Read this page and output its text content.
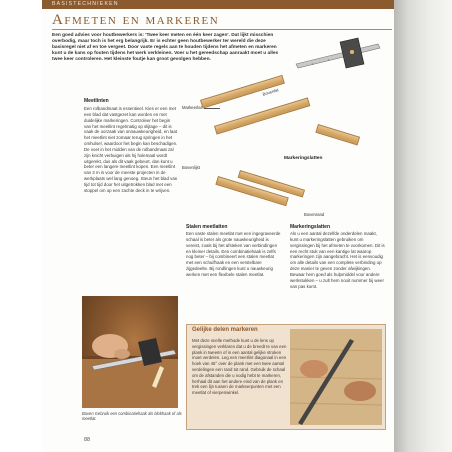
BASISTECHNIEKEN
Afmeten en markeren
Een goed advies voor houtbewerkers is: 'Twee keer meten en één keer zagen'. Dat lijkt misschien overbodig, maar toch is het erg belangrijk. Er is echter geen houtbewerker ter wereld die deze basisregel niet af en toe vergeet. Door vaste regels aan te houden tijdens het afmeten en markeren kunt u de kans op fouten tijdens het werk verkleinen. Voer u het gereedschap aanraakt moet u alles twee keer controleren. Het kleinste foutje kan groot gevolgen hebben.
Meetlinten
Een rolbandmaat is essentieel. Kies er een met een blad dat vastgezet kan worden en met duidelijke markeringen. Controleer het begin van het meetlint regelmatig op slijtage – dit is vaak de oorzaak van onnauwkeurigheid, en laat het meetlint niet zomaar terug springen in het omhulsel, waardoor het begin kan beschadigen. De voet in het midden van de rolbandmaat zal zijn knicht verbuigen als hij holemaal wordt uitgerekt, dus als dit vaak gebeurt, dan kunt u beter een langere meetlint kopen. Een meetlint van 3 m is voor de meeste projecten in de werkplaats wel lang genoeg. Steun het blad van tijd tot tijd door het uitgetrokken blad met een stoppel om op een zachte deck in te wrijven.
Markeerlat
Bovenlat
Markeringslatten
Bovenlijst
Bovenrand
Stalen meetlatten
Een vaste stalen meetlat met een ingegraveerde schaal is beter als grote nauwkeurigheid is vereist, zoals bij het afsteken van verbindingen en kleiner details. Een combinatiehaak is zelfs nog beter – bij combineert een stalen meetlat met een schuifhaak en een verstelbare zijgedeelte. Bij rondlingen kunt u nauwkeurig werken met een flexibele stalen meetlat.
Markeringslatten
Als u een aantal dezelfde onderdelen maakt, kunt u markeringslatten gebruiken om vergissingen bij het afmeten te voorkomen. Dit is een recht stuk van een kantige lat waarop markeringen zijn aangebracht. Het is eenvoudig om alle details van een complete verbinding op deze manier te geven zonder afwijkingen. Bewaar hem goed als hulpmiddel voor andere werkstukken – u zult hem nooit nummer bij weer van pas komt.
Boven Gebruik een combinatiehaak als blokhaak of als meetlat.
Gelijke delen markeren
Met deze snelle methode kunt u de lens op vergissingen verklaren dat u de breedt te van een plank in tweeën of in een aantal gelijke stroken moet verdelen. Leg een meetlint diagonaal in een hoek van 45° over de plank met een twee aantal verdelingen een rand tot rand. Gebruik de schaal om de afstanden die u nodig hebt te markeren, herhaal dit aan het andere eind van de plank en trek een lijn tussen de markeerpunten met een meetlat of vierpenwinkel.
88
